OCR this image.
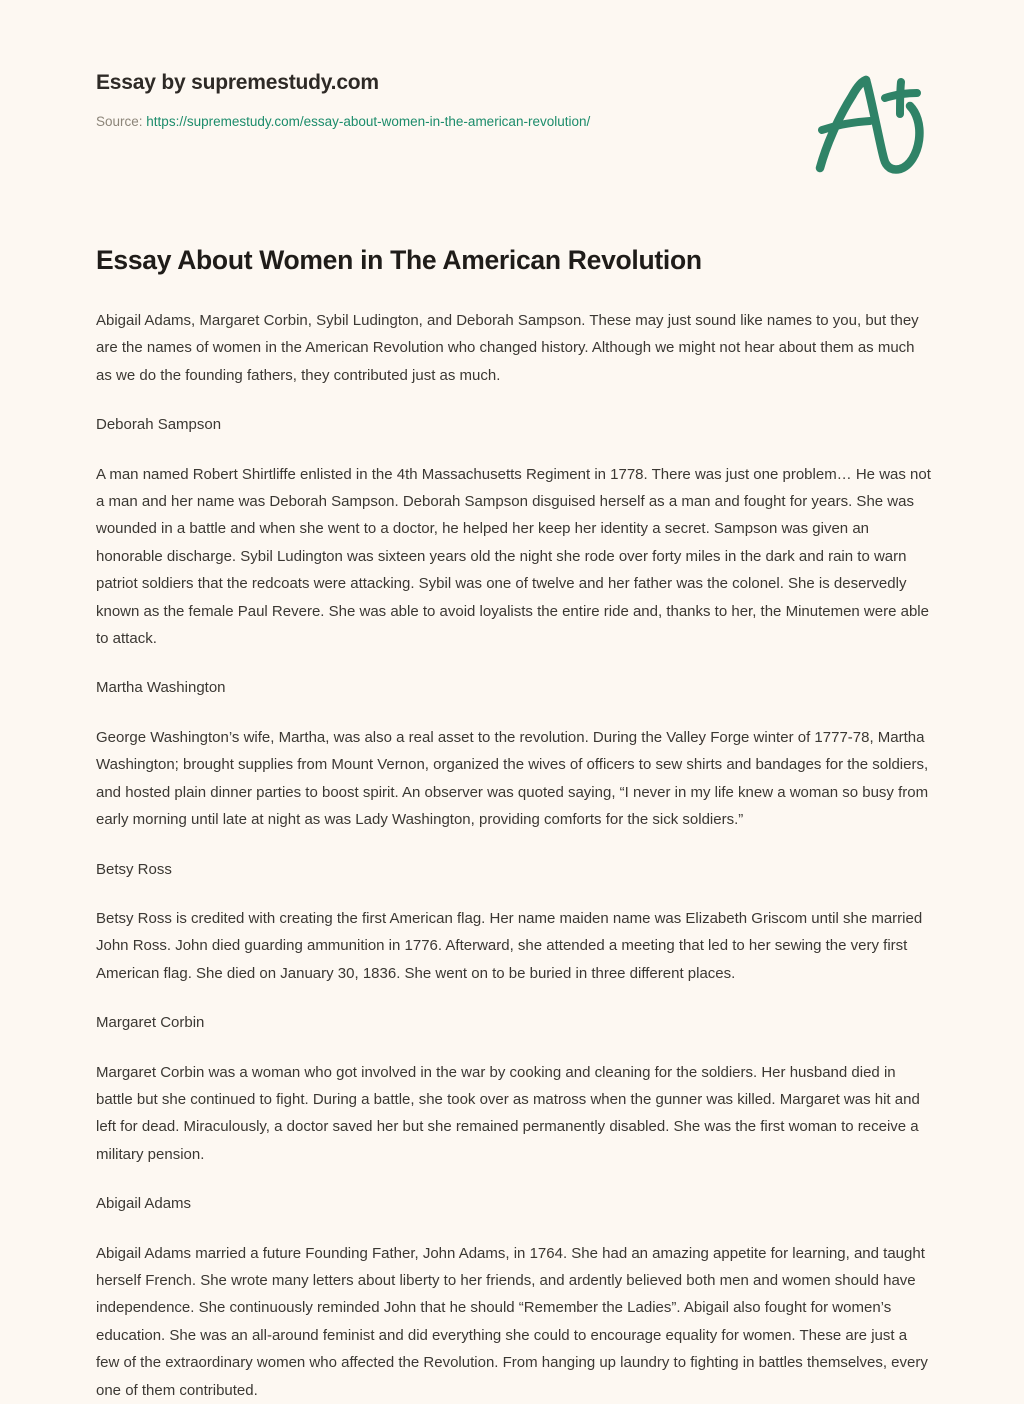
Essay by supremestudy.com
Source: https://supremestudy.com/essay-about-women-in-the-american-revolution/
Essay About Women in The American Revolution

Abigail Adams, Margaret Corbin, Sybil Ludington, and Deborah Sampson. These may just sound like names to you, but they are the names of women in the American Revolution who changed history. Although we might not hear about them as much as we do the founding fathers, they contributed just as much.

Deborah Sampson

A man named Robert Shirtliffe enlisted in the 4th Massachusetts Regiment in 1778. There was just one problem… He was not a man and her name was Deborah Sampson. Deborah Sampson disguised herself as a man and fought for years. She was wounded in a battle and when she went to a doctor, he helped her keep her identity a secret. Sampson was given an honorable discharge. Sybil Ludington was sixteen years old the night she rode over forty miles in the dark and rain to warn patriot soldiers that the redcoats were attacking. Sybil was one of twelve and her father was the colonel. She is deservedly known as the female Paul Revere. She was able to avoid loyalists the entire ride and, thanks to her, the Minutemen were able to attack.

Martha Washington

George Washington’s wife, Martha, was also a real asset to the revolution. During the Valley Forge winter of 1777-78, Martha Washington; brought supplies from Mount Vernon, organized the wives of officers to sew shirts and bandages for the soldiers, and hosted plain dinner parties to boost spirit. An observer was quoted saying, “I never in my life knew a woman so busy from early morning until late at night as was Lady Washington, providing comforts for the sick soldiers.”

Betsy Ross

Betsy Ross is credited with creating the first American flag. Her name maiden name was Elizabeth Griscom until she married John Ross. John died guarding ammunition in 1776. Afterward, she attended a meeting that led to her sewing the very first American flag. She died on January 30, 1836. She went on to be buried in three different places.

Margaret Corbin

Margaret Corbin was a woman who got involved in the war by cooking and cleaning for the soldiers. Her husband died in battle but she continued to fight. During a battle, she took over as matross when the gunner was killed. Margaret was hit and left for dead. Miraculously, a doctor saved her but she remained permanently disabled. She was the first woman to receive a military pension.

Abigail Adams

Abigail Adams married a future Founding Father, John Adams, in 1764. She had an amazing appetite for learning, and taught herself French. She wrote many letters about liberty to her friends, and ardently believed both men and women should have independence. She continuously reminded John that he should “Remember the Ladies”. Abigail also fought for women’s education. She was an all-around feminist and did everything she could to encourage equality for women. These are just a few of the extraordinary women who affected the Revolution. From hanging up laundry to fighting in battles themselves, every one of them contributed.
